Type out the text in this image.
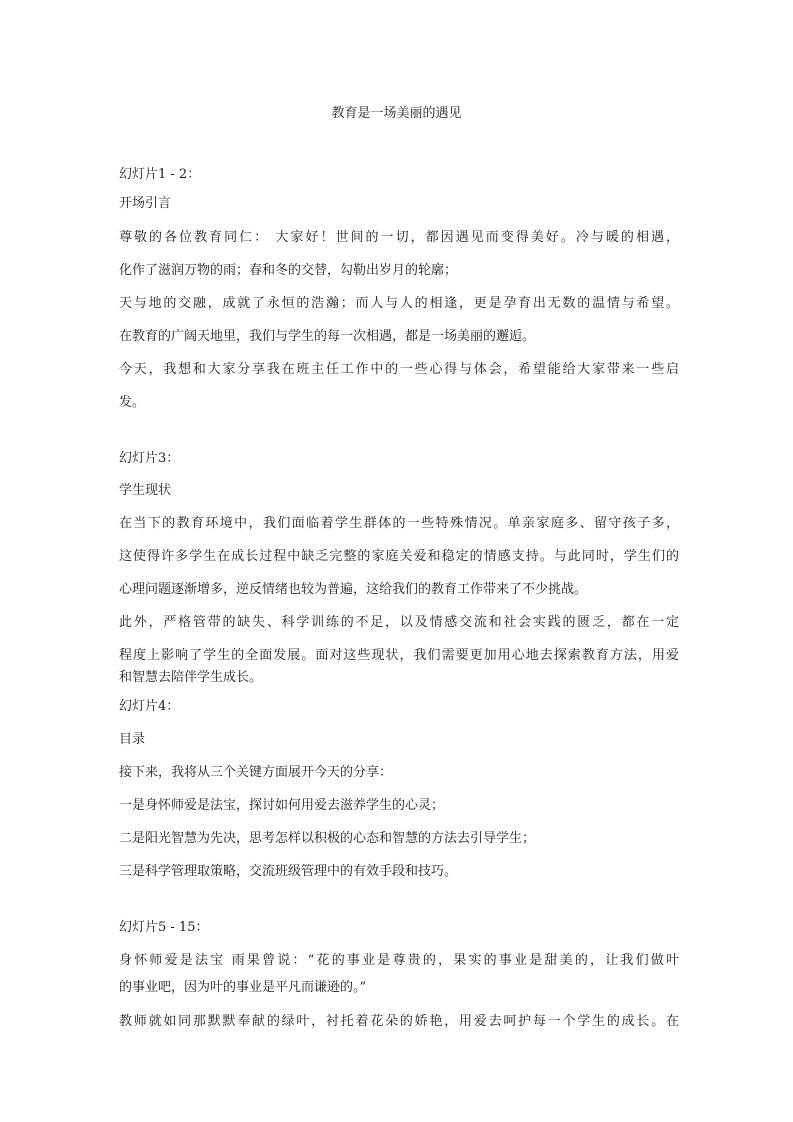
教育是一场美丽的遇见
幻灯片1 - 2：
开场引言
尊敬的各位教育同仁： 大家好！世间的一切，都因遇见而变得美好。冷与暖的相遇，
化作了滋润万物的雨；春和冬的交替，勾勒出岁月的轮廓；
天与地的交融，成就了永恒的浩瀚；而人与人的相逢，更是孕育出无数的温情与希望。
在教育的广阔天地里，我们与学生的每一次相遇，都是一场美丽的邂逅。
今天，我想和大家分享我在班主任工作中的一些心得与体会，希望能给大家带来一些启
发。
幻灯片3：
学生现状
在当下的教育环境中，我们面临着学生群体的一些特殊情况。单亲家庭多、留守孩子多，
这使得许多学生在成长过程中缺乏完整的家庭关爱和稳定的情感支持。与此同时，学生们的
心理问题逐渐增多，逆反情绪也较为普遍，这给我们的教育工作带来了不少挑战。
此外，严格管带的缺失、科学训练的不足，以及情感交流和社会实践的匮乏，都在一定
程度上影响了学生的全面发展。面对这些现状，我们需要更加用心地去探索教育方法，用爱
和智慧去陪伴学生成长。
幻灯片4：
目录
接下来，我将从三个关键方面展开今天的分享：
一是身怀师爱是法宝，探讨如何用爱去滋养学生的心灵；
二是阳光智慧为先决，思考怎样以积极的心态和智慧的方法去引导学生；
三是科学管理取策略，交流班级管理中的有效手段和技巧。
幻灯片5 - 15：
身怀师爱是法宝 雨果曾说：“花的事业是尊贵的，果实的事业是甜美的，让我们做叶
的事业吧，因为叶的事业是平凡而谦逊的。”
教师就如同那默默奉献的绿叶，衬托着花朵的娇艳，用爱去呵护每一个学生的成长。在
